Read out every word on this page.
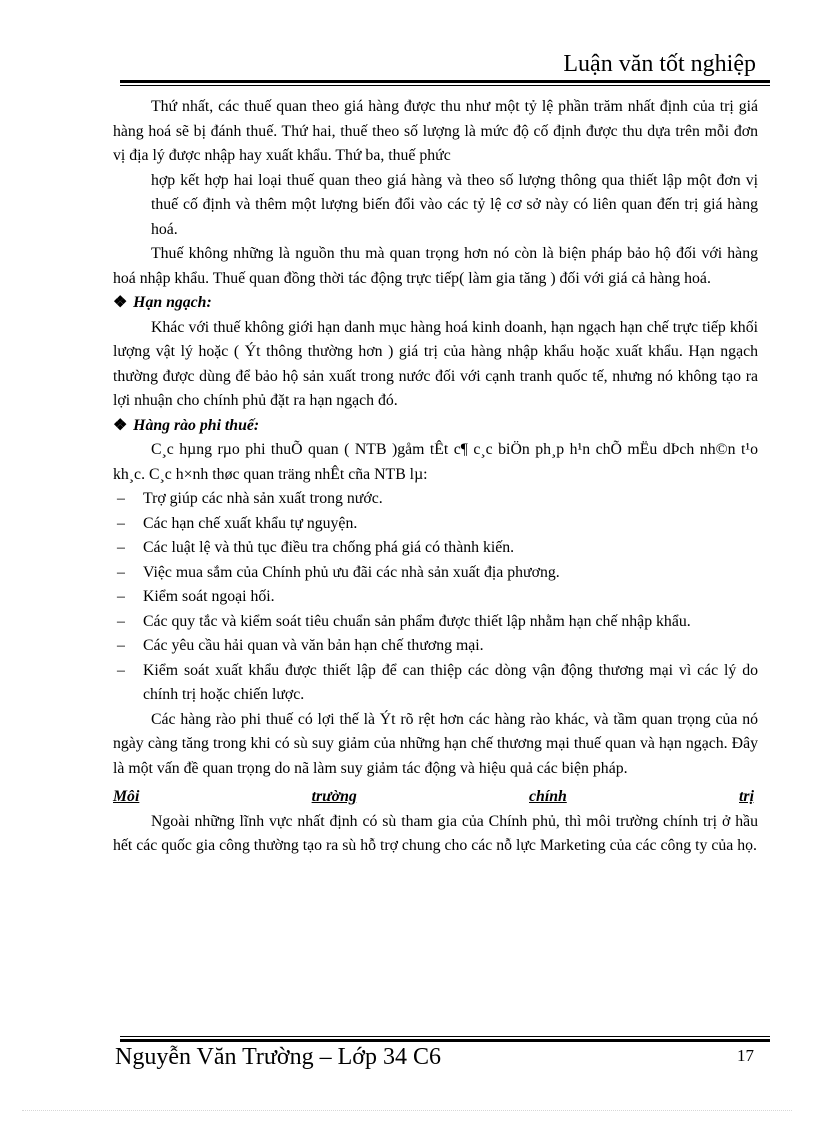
Luận văn tốt nghiệp

Thứ nhất, các thuế quan theo giá hàng được thu như một tỷ lệ phần trăm nhất định của trị giá hàng hoá sẽ bị đánh thuế. Thứ hai, thuế theo số lượng là mức độ cố định được thu dựa trên mỗi đơn vị địa lý được nhập hay xuất khẩu. Thứ ba, thuế phức

hợp kết hợp hai loại thuế quan theo giá hàng và theo số lượng thông qua thiết lập một đơn vị thuế cố định và thêm một lượng biến đổi vào các tỷ lệ cơ sở này có liên quan đến trị giá hàng hoá.

Thuế không những là nguồn thu mà quan trọng hơn nó còn là biện pháp bảo hộ đối với hàng hoá nhập khẩu. Thuế quan đồng thời tác động trực tiếp( làm gia tăng ) đối với giá cả hàng hoá.

❖ Hạn ngạch:

Khác với thuế không giới hạn danh mục hàng hoá kinh doanh, hạn ngạch hạn chế trực tiếp khối lượng vật lý hoặc ( Ýt thông thường hơn ) giá trị của hàng nhập khẩu hoặc xuất khẩu. Hạn ngạch thường được dùng để bảo hộ sản xuất trong nước đối với cạnh tranh quốc tế, nhưng nó không tạo ra lợi nhuận cho chính phủ đặt ra hạn ngạch đó.

❖ Hàng rào phi thuế:

C¸c hµng rµo phi thuÕ quan ( NTB )gåm tÊt c¶ c¸c biÖn ph¸p h¹n chÕ mËu dÞch nh©n t¹o kh¸c. C¸c h×nh thøc quan träng nhÊt cña NTB lµ:

– Trợ giúp các nhà sản xuất trong nước.
– Các hạn chế xuất khẩu tự nguyện.
– Các luật lệ và thủ tục điều tra chống phá giá có thành kiến.
– Việc mua sắm của Chính phủ ưu đãi các nhà sản xuất địa phương.
– Kiểm soát ngoại hối.
– Các quy tắc và kiểm soát tiêu chuẩn sản phẩm được thiết lập nhằm hạn chế nhập khẩu.
– Các yêu cầu hải quan và văn bản hạn chế thương mại.
– Kiểm soát xuất khẩu được thiết lập để can thiệp các dòng vận động thương mại vì các lý do chính trị hoặc chiến lược.

Các hàng rào phi thuế có lợi thế là Ýt rõ rệt hơn các hàng rào khác, và tầm quan trọng của nó ngày càng tăng trong khi có sù suy giảm của những hạn chế thương mại thuế quan và hạn ngạch. Đây là một vấn đề quan trọng do nã làm suy giảm tác động và hiệu quả các biện pháp.

Môi	trường	chính	trị

Ngoài những lĩnh vực nhất định có sù tham gia của Chính phủ, thì môi trường chính trị ở hầu hết các quốc gia công thường tạo ra sù hỗ trợ chung cho các nỗ lực Marketing của các công ty của họ.

Nguyễn Văn Trường – Lớp 34 C6	17
